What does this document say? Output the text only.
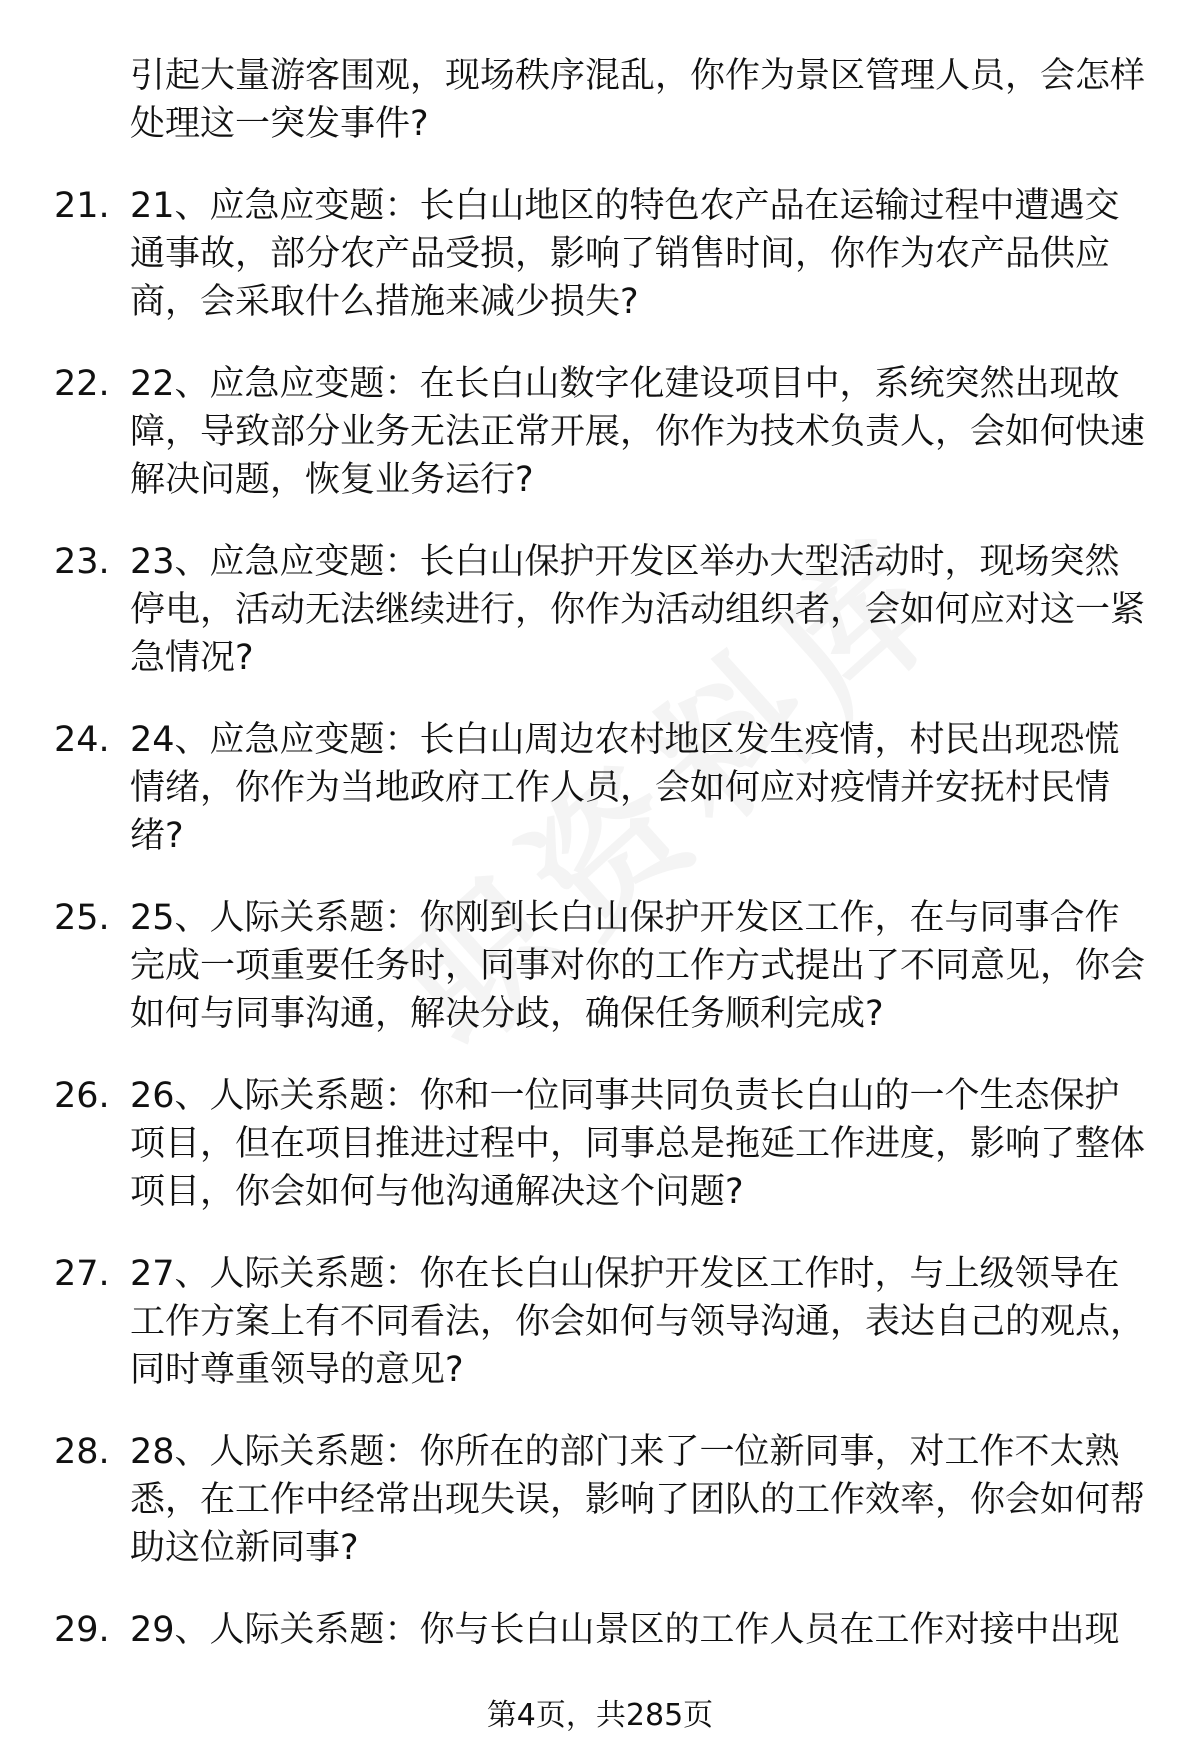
引起大量游客围观，现场秩序混乱，你作为景区管理人员，会怎样处理这一突发事件?
21. 21、应急应变题：长白山地区的特色农产品在运输过程中遭遇交通事故，部分农产品受损，影响了销售时间，你作为农产品供应商，会采取什么措施来减少损失?
22. 22、应急应变题：在长白山数字化建设项目中，系统突然出现故障，导致部分业务无法正常开展，你作为技术负责人，会如何快速解决问题，恢复业务运行?
23. 23、应急应变题：长白山保护开发区举办大型活动时，现场突然停电，活动无法继续进行，你作为活动组织者，会如何应对这一紧急情况?
24. 24、应急应变题：长白山周边农村地区发生疫情，村民出现恐慌情绪，你作为当地政府工作人员，会如何应对疫情并安抚村民情绪?
25. 25、人际关系题：你刚到长白山保护开发区工作，在与同事合作完成一项重要任务时，同事对你的工作方式提出了不同意见，你会如何与同事沟通，解决分歧，确保任务顺利完成?
26. 26、人际关系题：你和一位同事共同负责长白山的一个生态保护项目，但在项目推进过程中，同事总是拖延工作进度，影响了整体项目，你会如何与他沟通解决这个问题?
27. 27、人际关系题：你在长白山保护开发区工作时，与上级领导在工作方案上有不同看法，你会如何与领导沟通，表达自己的观点，同时尊重领导的意见?
28. 28、人际关系题：你所在的部门来了一位新同事，对工作不太熟悉，在工作中经常出现失误，影响了团队的工作效率，你会如何帮助这位新同事?
29. 29、人际关系题：你与长白山景区的工作人员在工作对接中出现
第4页，共285页
